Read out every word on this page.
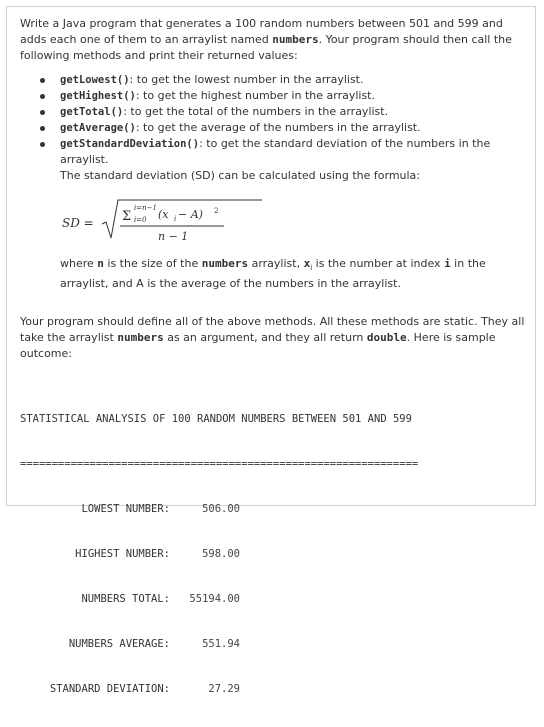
Write a Java program that generates a 100 random numbers between 501 and 599 and adds each one of them to an arraylist named numbers. Your program should then call the following methods and print their returned values:

getLowest(): to get the lowest number in the arraylist.
getHighest(): to get the highest number in the arraylist.
getTotal(): to get the total of the numbers in the arraylist.
getAverage(): to get the average of the numbers in the arraylist.
getStandardDeviation(): to get the standard deviation of the numbers in the arraylist.
The standard deviation (SD) can be calculated using the formula:
SD = Σ
i=n−1
i=0 (x i − A) 2
n − 1

where n is the size of the numbers arraylist, $x_i$ is the number at index i in the arraylist, and A is the average of the numbers in the arraylist.

Your program should define all of the above methods. All these methods are static. They all take the arraylist numbers as an argument, and they all return double. Here is sample outcome:

STATISTICAL ANALYSIS OF 100 RANDOM NUMBERS BETWEEN 501 AND 599

===============================================================

LOWEST NUMBER:	506.00

HIGHEST NUMBER:	598.00

NUMBERS TOTAL: 55194.00

NUMBERS AVERAGE:	551.94

STANDARD DEVIATION:	27.29
